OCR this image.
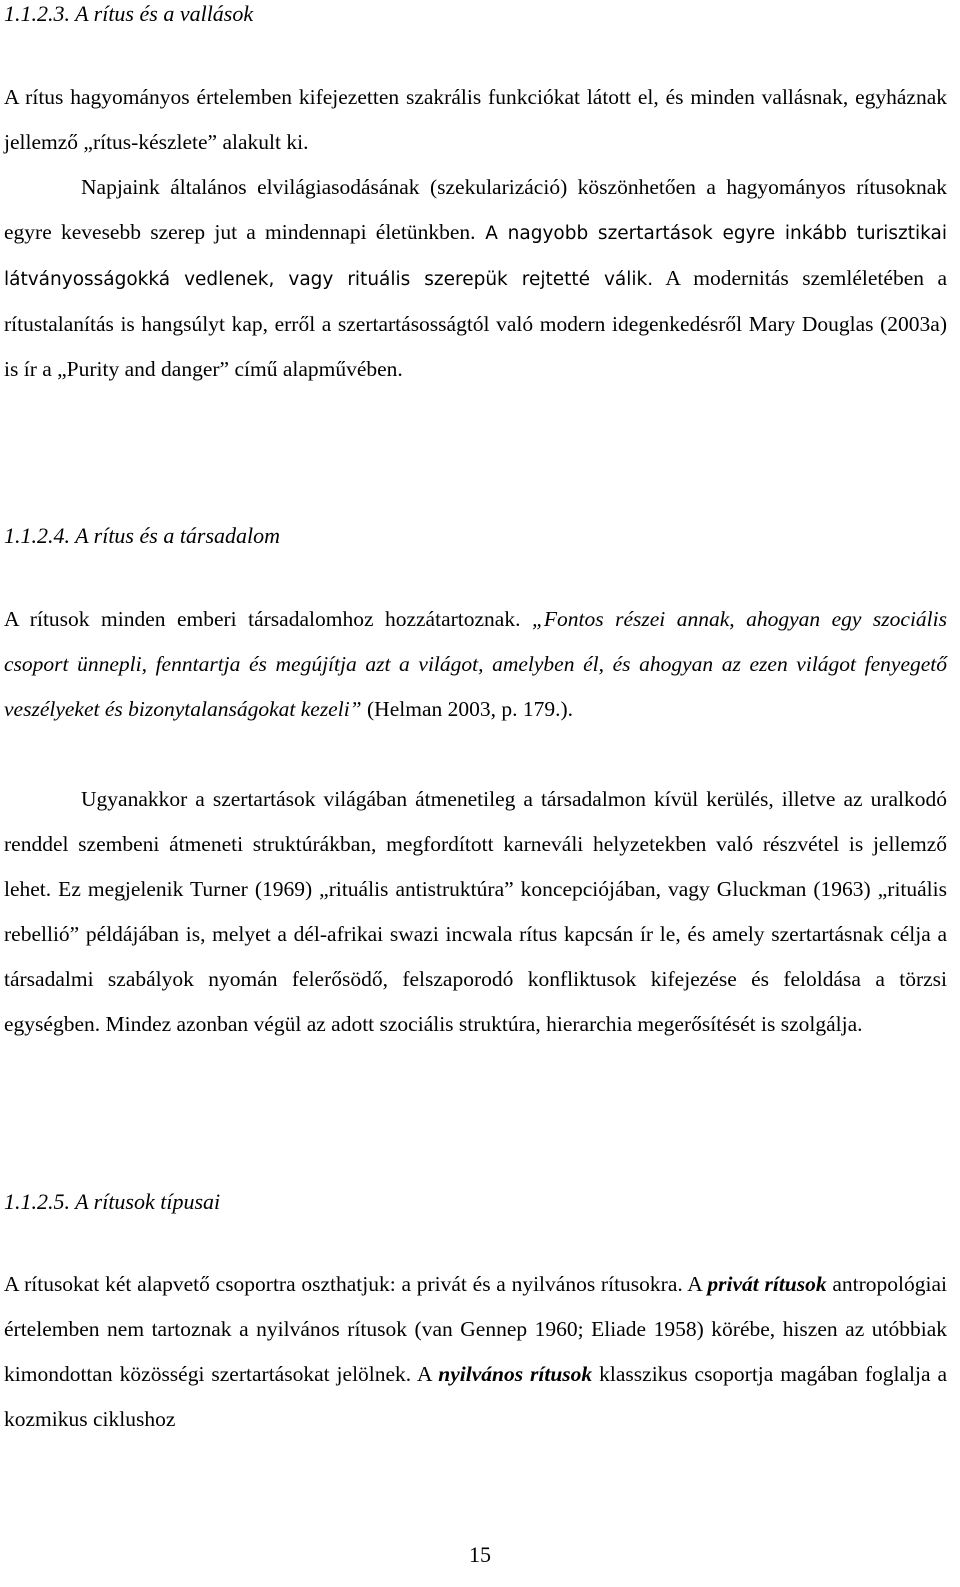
1.1.2.3. A rítus és a vallások

A rítus hagyományos értelemben kifejezetten szakrális funkciókat látott el, és minden vallásnak, egyháznak jellemző „rítus-készlete” alakult ki.

Napjaink általános elvilágiasodásának (szekularizáció) köszönhetően a hagyományos rítusoknak egyre kevesebb szerep jut a mindennapi életünkben. A nagyobb szertartások egyre inkább turisztikai látványosságokká vedlenek, vagy rituális szerepük rejtetté válik. A modernitás szemléletében a rítustalanítás is hangsúlyt kap, erről a szertartásosságtól való modern idegenkedésről Mary Douglas (2003a) is ír a „Purity and danger” című alapművében.

1.1.2.4. A rítus és a társadalom

A rítusok minden emberi társadalomhoz hozzátartoznak. „Fontos részei annak, ahogyan egy szociális csoport ünnepli, fenntartja és megújítja azt a világot, amelyben él, és ahogyan az ezen világot fenyegető veszélyeket és bizonytalanságokat kezeli” (Helman 2003, p. 179.).

Ugyanakkor a szertartások világában átmenetileg a társadalmon kívül kerülés, illetve az uralkodó renddel szembeni átmeneti struktúrákban, megfordított karneváli helyzetekben való részvétel is jellemző lehet. Ez megjelenik Turner (1969) „rituális antistruktúra” koncepciójában, vagy Gluckman (1963) „rituális rebellió” példájában is, melyet a dél-afrikai swazi incwala rítus kapcsán ír le, és amely szertartásnak célja a társadalmi szabályok nyomán felerősödő, felszaporodó konfliktusok kifejezése és feloldása a törzsi egységben. Mindez azonban végül az adott szociális struktúra, hierarchia megerősítését is szolgálja.

1.1.2.5. A rítusok típusai

A rítusokat két alapvető csoportra oszthatjuk: a privát és a nyilvános rítusokra. A privát rítusok antropológiai értelemben nem tartoznak a nyilvános rítusok (van Gennep 1960; Eliade 1958) körébe, hiszen az utóbbiak kimondottan közösségi szertartásokat jelölnek. A nyilvános rítusok klasszikus csoportja magában foglalja a kozmikus ciklushoz

15
